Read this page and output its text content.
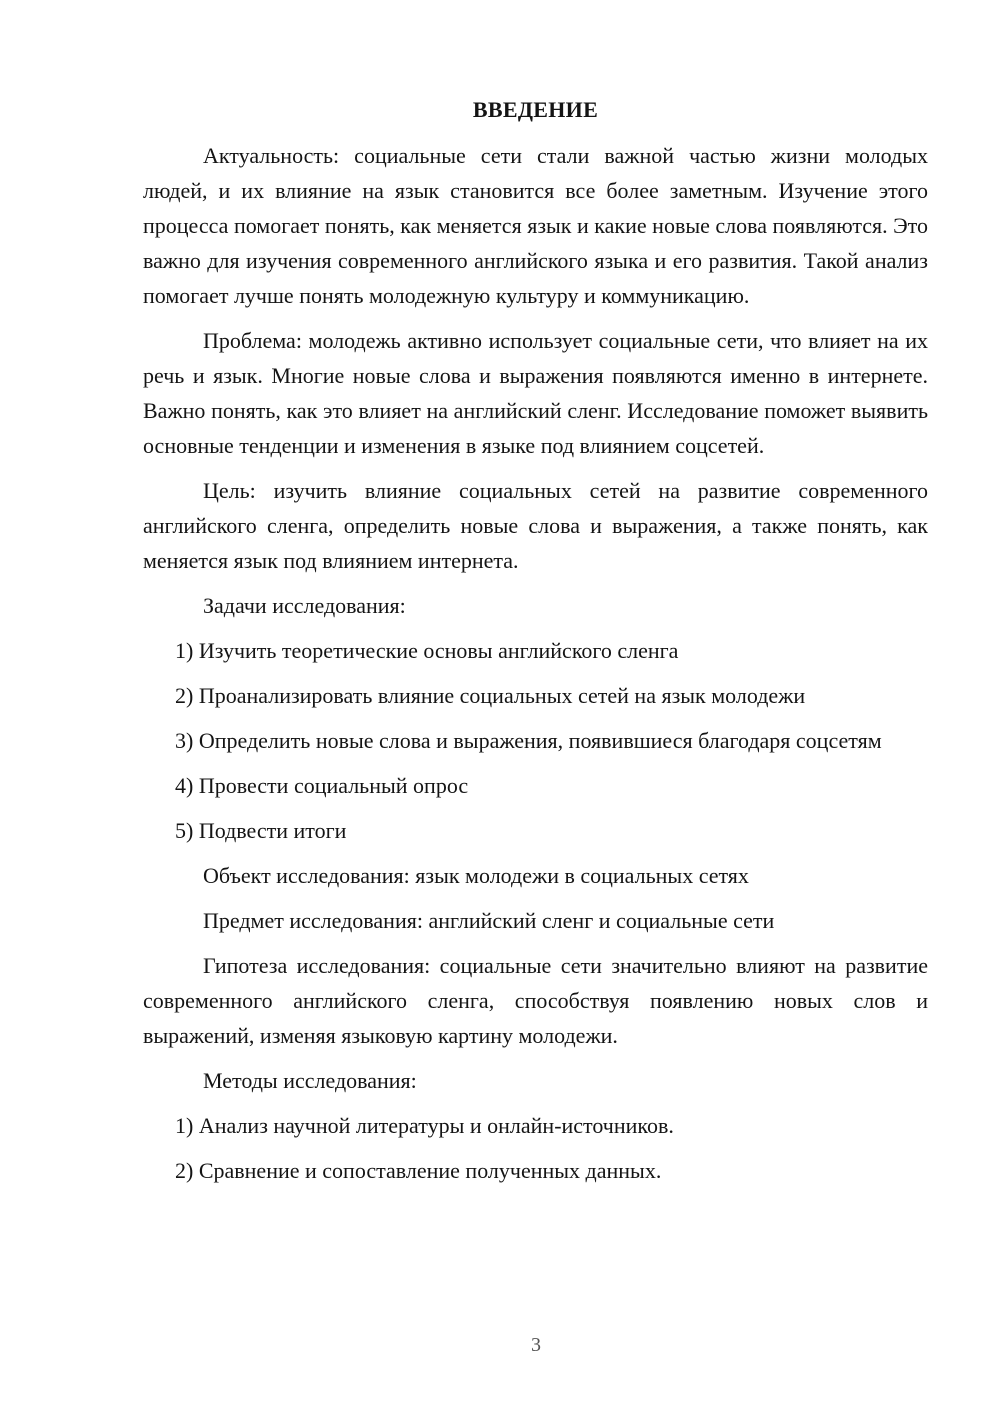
ВВЕДЕНИЕ

Актуальность: социальные сети стали важной частью жизни молодых людей, и их влияние на язык становится все более заметным. Изучение этого процесса помогает понять, как меняется язык и какие новые слова появляются. Это важно для изучения современного английского языка и его развития. Такой анализ помогает лучше понять молодежную культуру и коммуникацию.

Проблема: молодежь активно использует социальные сети, что влияет на их речь и язык. Многие новые слова и выражения появляются именно в интернете. Важно понять, как это влияет на английский сленг. Исследование поможет выявить основные тенденции и изменения в языке под влиянием соцсетей.

Цель: изучить влияние социальных сетей на развитие современного английского сленга, определить новые слова и выражения, а также понять, как меняется язык под влиянием интернета.

Задачи исследования:
1) Изучить теоретические основы английского сленга
2) Проанализировать влияние социальных сетей на язык молодежи
3) Определить новые слова и выражения, появившиеся благодаря соцсетям
4) Провести социальный опрос
5) Подвести итоги
Объект исследования: язык молодежи в социальных сетях
Предмет исследования: английский сленг и социальные сети

Гипотеза исследования: социальные сети значительно влияют на развитие современного английского сленга, способствуя появлению новых слов и выражений, изменяя языковую картину молодежи.

Методы исследования:
1) Анализ научной литературы и онлайн-источников.
2) Сравнение и сопоставление полученных данных.
3
